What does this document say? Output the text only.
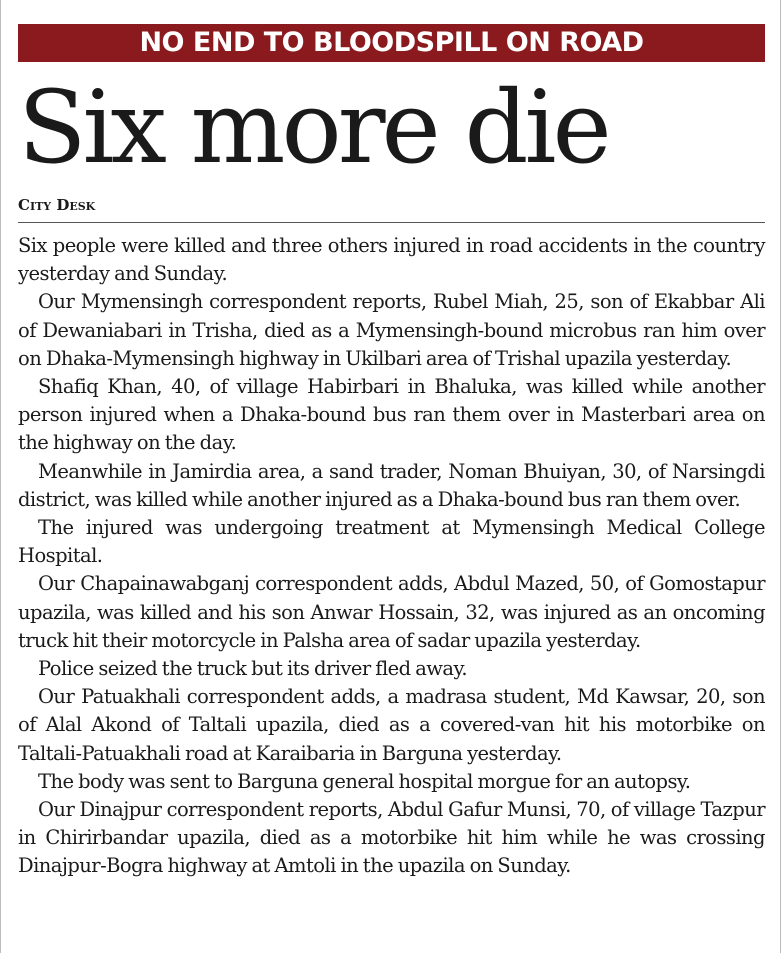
NO END TO BLOODSPILL ON ROAD
Six more die
City Desk

Six people were killed and three others injured in road accidents in the country yesterday and Sunday.

Our Mymensingh correspondent reports, Rubel Miah, 25, son of Ekabbar Ali of Dewaniabari in Trisha, died as a Mymensingh-bound microbus ran him over on Dhaka-Mymensingh highway in Ukilbari area of Trishal upazila yesterday.

Shafiq Khan, 40, of village Habirbari in Bhaluka, was killed while another person injured when a Dhaka-bound bus ran them over in Masterbari area on the highway on the day.

Meanwhile in Jamirdia area, a sand trader, Noman Bhuiyan, 30, of Narsingdi district, was killed while another injured as a Dhaka-bound bus ran them over.

The injured was undergoing treatment at Mymensingh Medical College Hospital.

Our Chapainawabganj correspondent adds, Abdul Mazed, 50, of Gomostapur upazila, was killed and his son Anwar Hossain, 32, was injured as an oncoming truck hit their motorcycle in Palsha area of sadar upazila yesterday.

Police seized the truck but its driver fled away.

Our Patuakhali correspondent adds, a madrasa student, Md Kawsar, 20, son of Alal Akond of Taltali upazila, died as a covered-van hit his motorbike on Taltali-Patuakhali road at Karaibaria in Barguna yesterday.

The body was sent to Barguna general hospital morgue for an autopsy.

Our Dinajpur correspondent reports, Abdul Gafur Munsi, 70, of village Tazpur in Chirirbandar upazila, died as a motorbike hit him while he was crossing Dinajpur-Bogra highway at Amtoli in the upazila on Sunday.
